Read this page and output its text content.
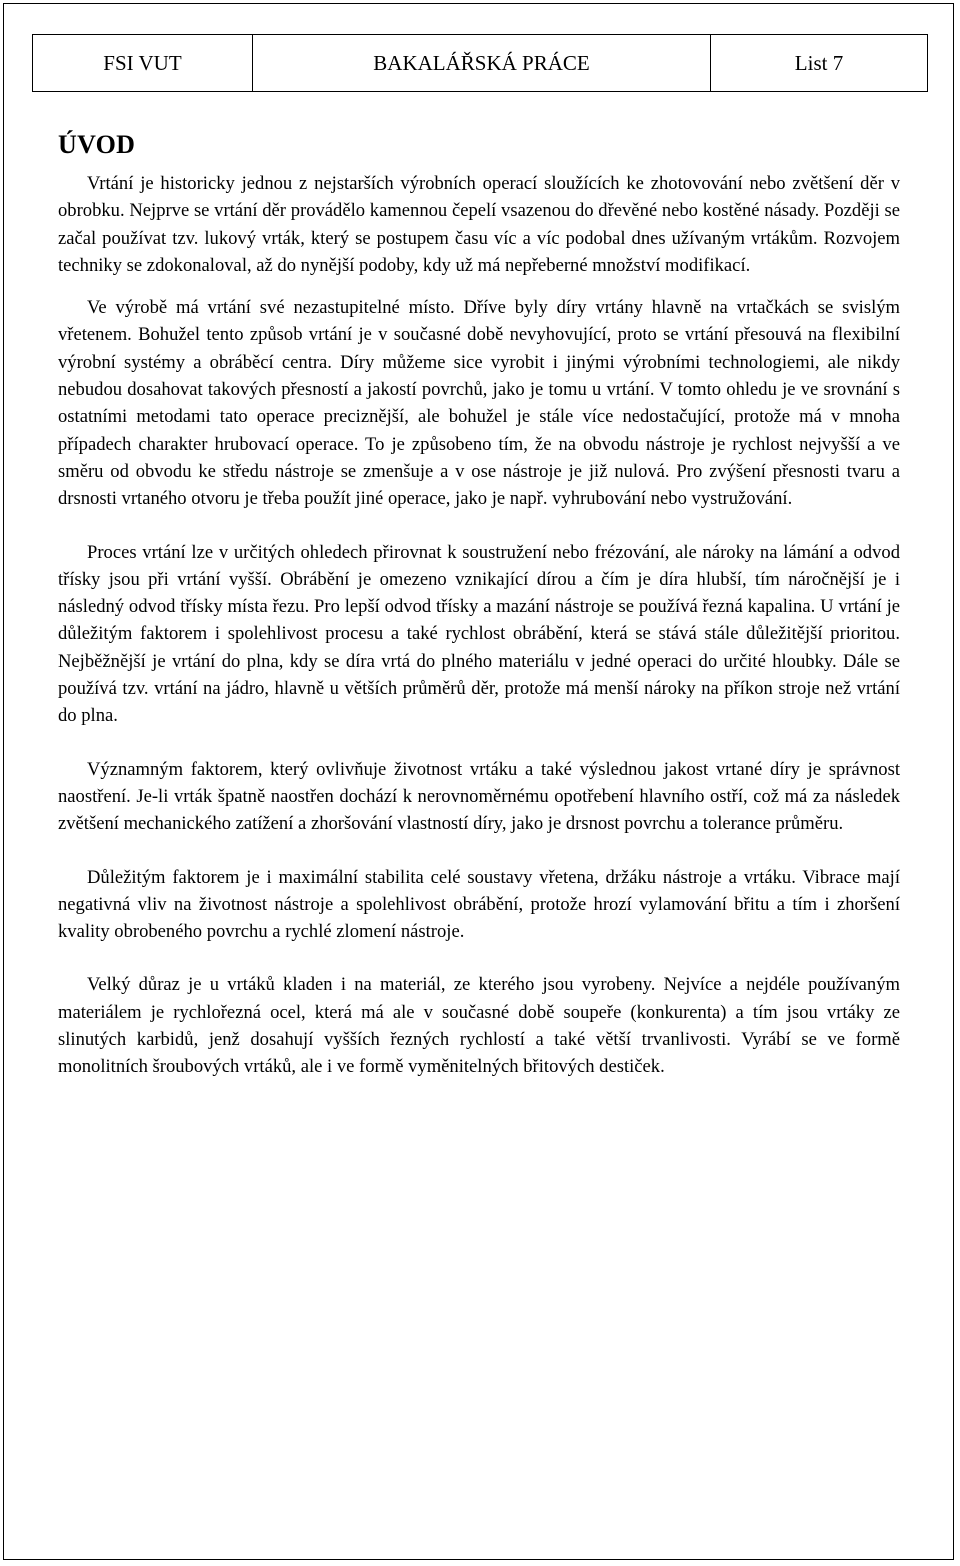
FSI VUT	BAKALÁŘSKÁ PRÁCE	List 7
ÚVOD

Vrtání je historicky jednou z nejstarších výrobních operací sloužících ke zhotovování nebo zvětšení děr v obrobku. Nejprve se vrtání děr provádělo kamennou čepelí vsazenou do dřevěné nebo kostěné násady. Později se začal používat tzv. lukový vrták, který se postupem času víc a víc podobal dnes užívaným vrtákům. Rozvojem techniky se zdokonaloval, až do nynější podoby, kdy už má nepřeberné množství modifikací.

Ve výrobě má vrtání své nezastupitelné místo. Dříve byly díry vrtány hlavně na vrtačkách se svislým vřetenem. Bohužel tento způsob vrtání je v současné době nevyhovující, proto se vrtání přesouvá na flexibilní výrobní systémy a obráběcí centra. Díry můžeme sice vyrobit i jinými výrobními technologiemi, ale nikdy nebudou dosahovat takových přesností a jakostí povrchů, jako je tomu u vrtání. V tomto ohledu je ve srovnání s ostatními metodami tato operace preciznější, ale bohužel je stále více nedostačující, protože má v mnoha případech charakter hrubovací operace. To je způsobeno tím, že na obvodu nástroje je rychlost nejvyšší a ve směru od obvodu ke středu nástroje se zmenšuje a v ose nástroje je již nulová. Pro zvýšení přesnosti tvaru a drsnosti vrtaného otvoru je třeba použít jiné operace, jako je např. vyhrubování nebo vystružování.

Proces vrtání lze v určitých ohledech přirovnat k soustružení nebo frézování, ale nároky na lámání a odvod třísky jsou při vrtání vyšší. Obrábění je omezeno vznikající dírou a čím je díra hlubší, tím náročnější je i následný odvod třísky místa řezu. Pro lepší odvod třísky a mazání nástroje se používá řezná kapalina. U vrtání je důležitým faktorem i spolehlivost procesu a také rychlost obrábění, která se stává stále důležitější prioritou. Nejběžnější je vrtání do plna, kdy se díra vrtá do plného materiálu v jedné operaci do určité hloubky. Dále se používá tzv. vrtání na jádro, hlavně u větších průměrů děr, protože má menší nároky na příkon stroje než vrtání do plna.

Významným faktorem, který ovlivňuje životnost vrtáku a také výslednou jakost vrtané díry je správnost naostření. Je-li vrták špatně naostřen dochází k nerovnoměrnému opotřebení hlavního ostří, což má za následek zvětšení mechanického zatížení a zhoršování vlastností díry, jako je drsnost povrchu a tolerance průměru.

Důležitým faktorem je i maximální stabilita celé soustavy vřetena, držáku nástroje a vrtáku. Vibrace mají negativná vliv na životnost nástroje a spolehlivost obrábění, protože hrozí vylamování břitu a tím i zhoršení kvality obrobeného povrchu a rychlé zlomení nástroje.

Velký důraz je u vrtáků kladen i na materiál, ze kterého jsou vyrobeny. Nejvíce a nejdéle používaným materiálem je rychlořezná ocel, která má ale v současné době soupeře (konkurenta) a tím jsou vrtáky ze slinutých karbidů, jenž dosahují vyšších řezných rychlostí a také větší trvanlivosti. Vyrábí se ve formě monolitních šroubových vrtáků, ale i ve formě vyměnitelných břitových destiček.
